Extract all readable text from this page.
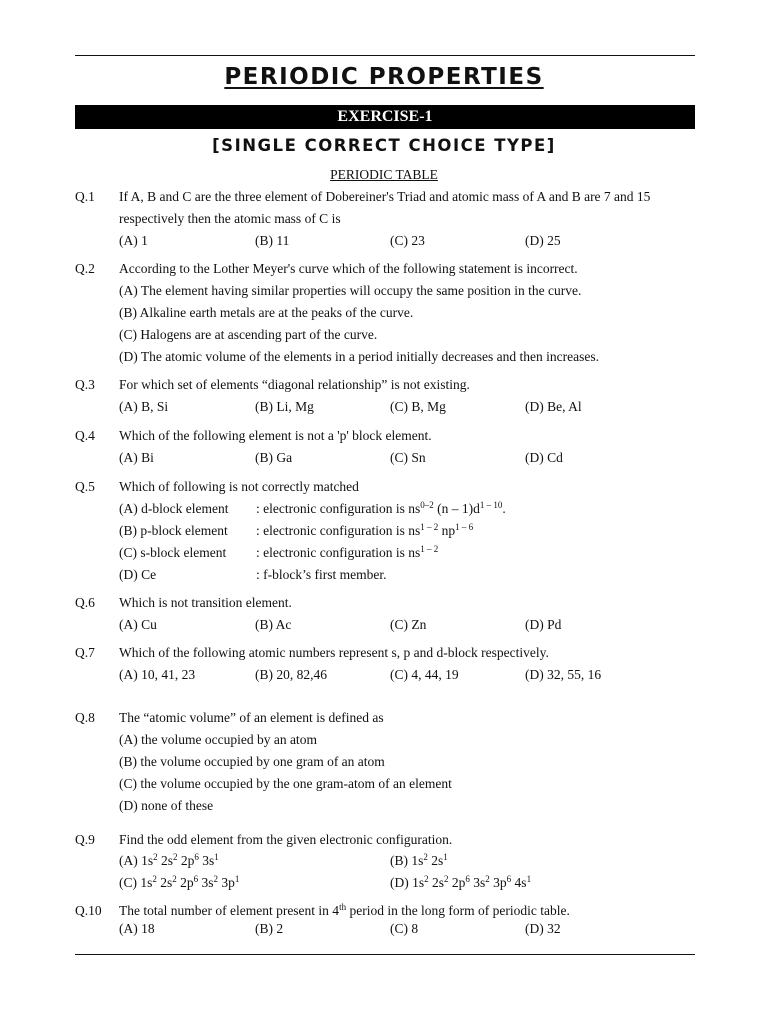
PERIODIC PROPERTIES
EXERCISE-1
[SINGLE CORRECT CHOICE TYPE]
PERIODIC TABLE
Q.1 If A, B and C are the three element of Dobereiner's Triad and atomic mass of A and B are 7 and 15
respectively then the atomic mass of C is
(A) 1	(B) 11	(C) 23	(D) 25
Q.2 According to the Lother Meyer's curve which of the following statement is incorrect.
(A) The element having similar properties will occupy the same position in the curve.
(B) Alkaline earth metals are at the peaks of the curve.
(C) Halogens are at ascending part of the curve.
(D) The atomic volume of the elements in a period initially decreases and then increases.
Q.3 For which set of elements “diagonal relationship” is not existing.
(A) B, Si	(B) Li, Mg	(C) B, Mg	(D) Be, Al
Q.4 Which of the following element is not a 'p' block element.
(A) Bi	(B) Ga	(C) Sn	(D) Cd
Q.5 Which of following is not correctly matched
(A) d-block element : electronic configuration is $ns^{0-2}$ $(n - 1)d^{1 - 10}$.
(B) p-block element : electronic configuration is $ns^{1 - 2}$ $np^{1 - 6}$
(C) s-block element : electronic configuration is $ns^{1 - 2}$
(D) Ce	: f-block’s first member.
Q.6 Which is not transition element.
(A) Cu	(B) Ac	(C) Zn	(D) Pd
Q.7 Which of the following atomic numbers represent s, p and d-block respectively.
(A) 10, 41, 23	(B) 20, 82,46	(C) 4, 44, 19	(D) 32, 55, 16
Q.8 The “atomic volume” of an element is defined as
(A) the volume occupied by an atom
(B) the volume occupied by one gram of an atom
(C) the volume occupied by the one gram-atom of an element
(D) none of these
Q.9 Find the odd element from the given electronic configuration.
(A) $1s^2$ $2s^2$ $2p^6$ $3s^1$	(B) $1s^2$ $2s^1$
(C) $1s^2$ $2s^2$ $2p^6$ $3s^2$ $3p^1$	(D) $1s^2$ $2s^2$ $2p^6$ $3s^2$ $3p^6$ $4s^1$
Q.10 The total number of element present in 4th period in the long form of periodic table.
(A) 18	(B) 2	(C) 8	(D) 32
